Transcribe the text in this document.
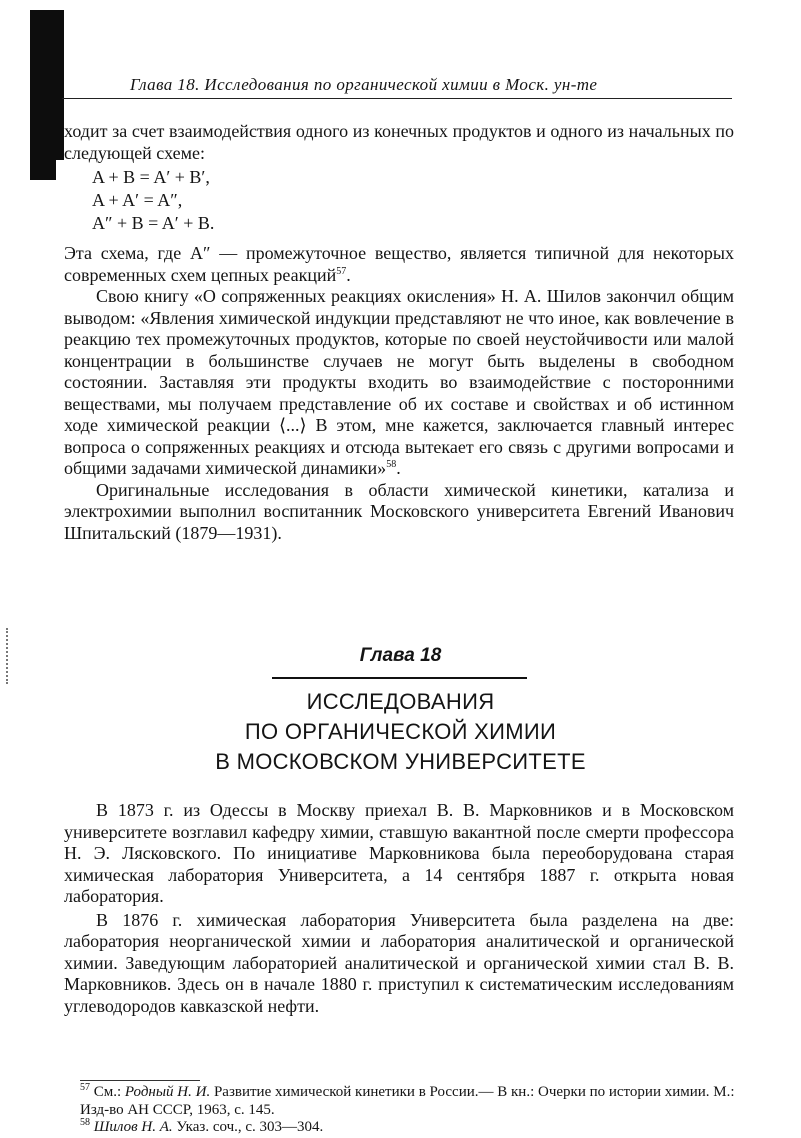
Глава 18. Исследования по органической химии в Моск. ун-те

ходит за счет взаимодействия одного из конечных продуктов и одного из начальных по следующей схеме:

A + B = A′ + B′,
A + A′ = A″,
A″ + B = A′ + B.

Эта схема, где A″ — промежуточное вещество, является типичной для некоторых современных схем цепных реакций$^{57}$.

Свою книгу «О сопряженных реакциях окисления» Н. А. Шилов закончил общим выводом: «Явления химической индукции представляют не что иное, как вовлечение в реакцию тех промежуточных продуктов, которые по своей неустойчивости или малой концентрации в большинстве случаев не могут быть выделены в свободном состоянии. Заставляя эти продукты входить во взаимодействие с посторонними веществами, мы получаем представление об их составе и свойствах и об истинном ходе химической реакции ⟨...⟩ В этом, мне кажется, заключается главный интерес вопроса о сопряженных реакциях и отсюда вытекает его связь с другими вопросами и общими задачами химической динамики»$^{58}$.

Оригинальные исследования в области химической кинетики, катализа и электрохимии выполнил воспитанник Московского университета Евгений Иванович Шпитальский (1879—1931).

Глава 18
ИССЛЕДОВАНИЯ
ПО ОРГАНИЧЕСКОЙ ХИМИИ
В МОСКОВСКОМ УНИВЕРСИТЕТЕ

В 1873 г. из Одессы в Москву приехал В. В. Марковников и в Московском университете возглавил кафедру химии, ставшую вакантной после смерти профессора Н. Э. Лясковского. По инициативе Марковникова была переоборудована старая химическая лаборатория Университета, а 14 сентября 1887 г. открыта новая лаборатория.

В 1876 г. химическая лаборатория Университета была разделена на две: лаборатория неорганической химии и лаборатория аналитической и органической химии. Заведующим лабораторией аналитической и органической химии стал В. В. Марковников. Здесь он в начале 1880 г. приступил к систематическим исследованиям углеводородов кавказской нефти.

$^{57}$ См.: Родный Н. И. Развитие химической кинетики в России.— В кн.: Очерки по истории химии. М.: Изд-во АН СССР, 1963, с. 145.

$^{58}$ Шилов Н. А. Указ. соч., с. 303—304.
